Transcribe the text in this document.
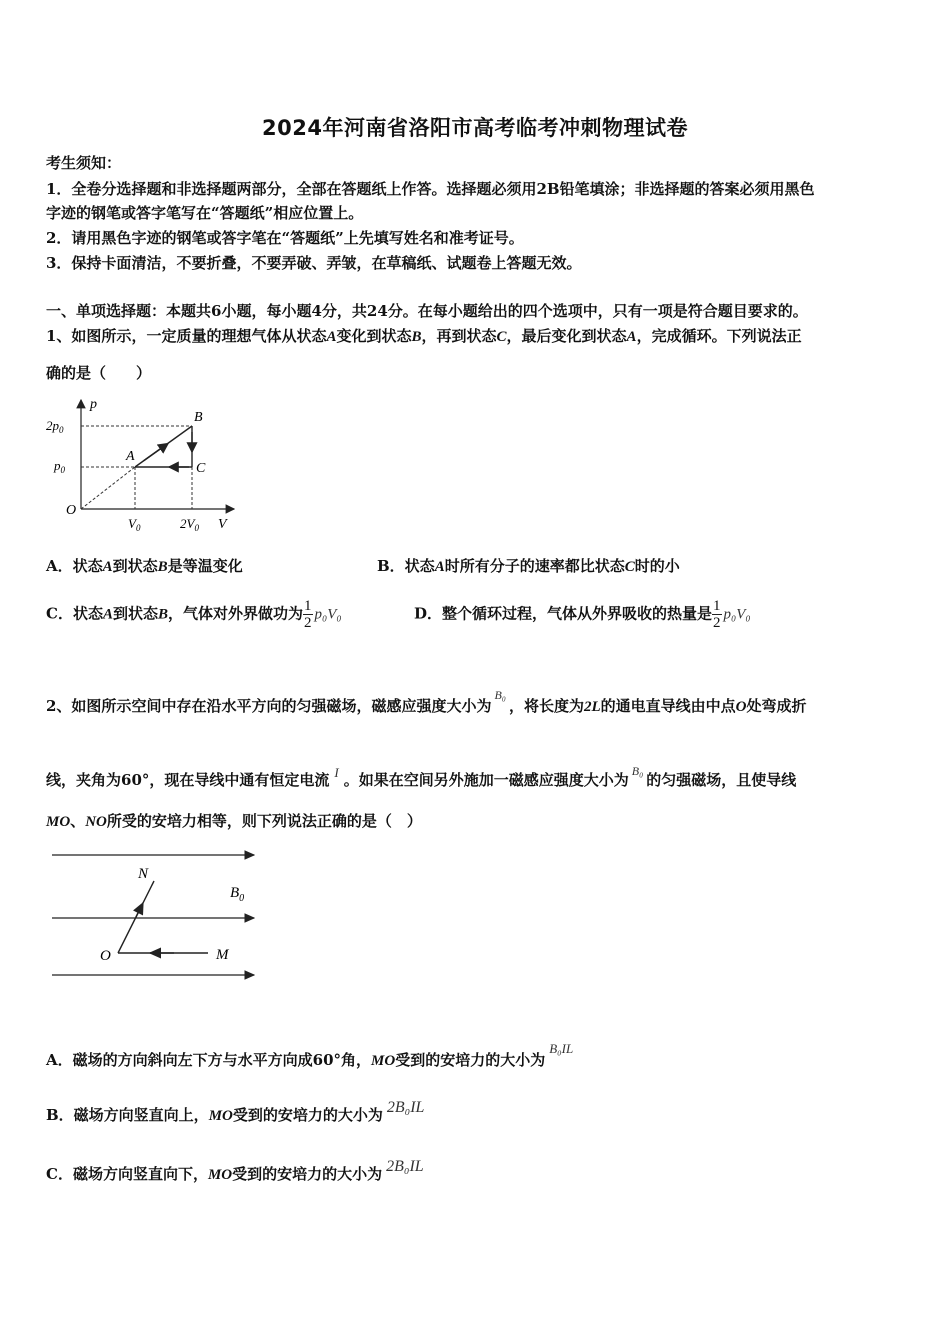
2024年河南省洛阳市高考临考冲刺物理试卷
考生须知：
1．全卷分选择题和非选择题两部分，全部在答题纸上作答。选择题必须用2B铅笔填涂；非选择题的答案必须用黑色
字迹的钢笔或答字笔写在“答题纸”相应位置上。
2．请用黑色字迹的钢笔或答字笔在“答题纸”上先填写姓名和准考证号。
3．保持卡面清洁，不要折叠，不要弄破、弄皱，在草稿纸、试题卷上答题无效。
一、单项选择题：本题共6小题，每小题4分，共24分。在每小题给出的四个选项中，只有一项是符合题目要求的。
1、如图所示，一定质量的理想气体从状态A变化到状态B，再到状态C，最后变化到状态A，完成循环。下列说法正
确的是（　　）
p
V
O
$2p_0$
$p_0$
$V_0$	$2V_0$
A
B
C
A．状态A到状态B是等温变化	B．状态A时所有分子的速率都比状态C时的小
C．状态A到状态B，气体对外界做功为 $\frac{1}{2} p_0V_0$	D．整个循环过程，气体从外界吸收的热量是 $\frac{1}{2} p_0V_0$
2、如图所示空间中存在沿水平方向的匀强磁场，磁感应强度大小为$^{B_0}$，将长度为2L的通电直导线由中点O处弯成折
线，夹角为60°，现在导线中通有恒定电流 I 。如果在空间另外施加一磁感应强度大小为 $^{B_0}$ 的匀强磁场，且使导线
MO、NO所受的安培力相等，则下列说法正确的是（　）
N
O	M
$B_0$
A．磁场的方向斜向左下方与水平方向成60°角，MO受到的安培力的大小为B₀IL
B．磁场方向竖直向上，MO受到的安培力的大小为 2B₀IL
C．磁场方向竖直向下，MO受到的安培力的大小为 2B₀IL
